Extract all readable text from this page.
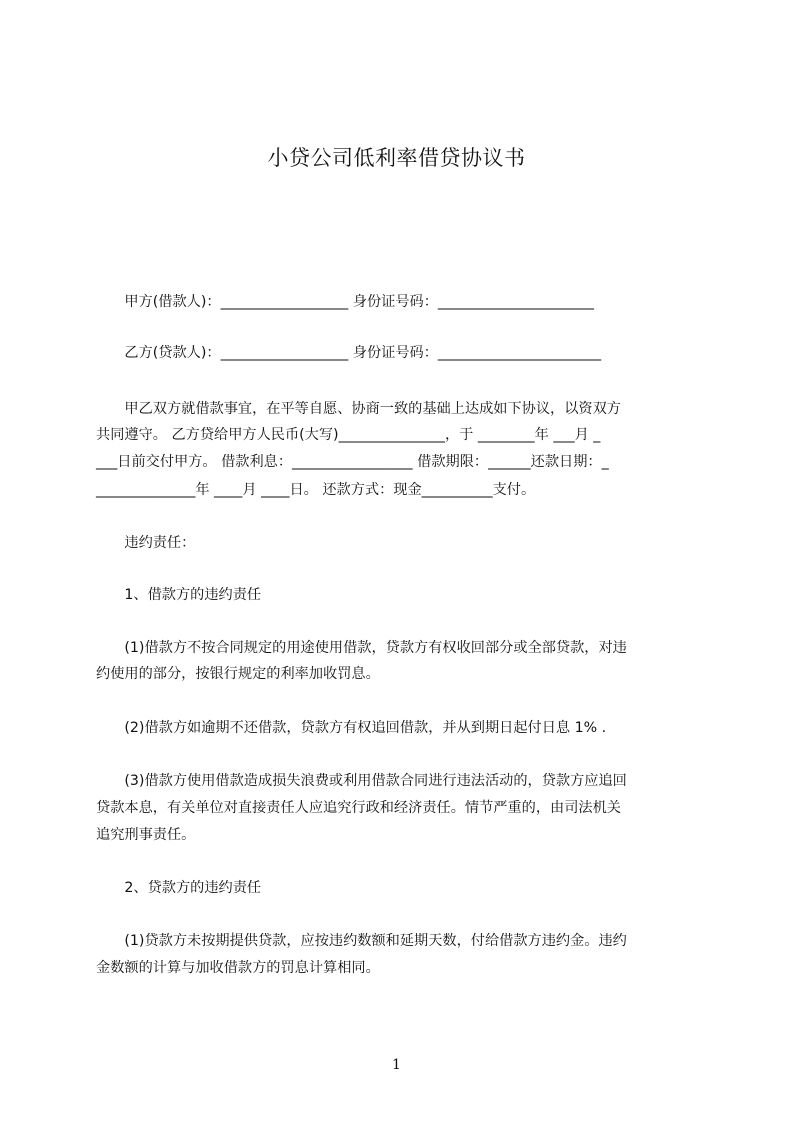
小贷公司低利率借贷协议书

　　甲方(借款人)：__________________ 身份证号码：______________________

　　乙方(贷款人)：__________________ 身份证号码：_______________________

　　甲乙双方就借款事宜，在平等自愿、协商一致的基础上达成如下协议，以资双方

共同遵守。 乙方贷给甲方人民币(大写)_______________，于 ________年 ___月 _

___日前交付甲方。 借款利息：_________________ 借款期限：______还款日期：_

______________年 ____月 ____日。 还款方式：现金__________支付。

　　违约责任：

　　1、借款方的违约责任

　　(1)借款方不按合同规定的用途使用借款，贷款方有权收回部分或全部贷款，对违

约使用的部分，按银行规定的利率加收罚息。

　　(2)借款方如逾期不还借款，贷款方有权追回借款，并从到期日起付日息 1% .

　　(3)借款方使用借款造成损失浪费或利用借款合同进行违法活动的，贷款方应追回

贷款本息，有关单位对直接责任人应追究行政和经济责任。情节严重的，由司法机关

追究刑事责任。

　　2、贷款方的违约责任

　　(1)贷款方未按期提供贷款，应按违约数额和延期天数，付给借款方违约金。违约

金数额的计算与加收借款方的罚息计算相同。

1
